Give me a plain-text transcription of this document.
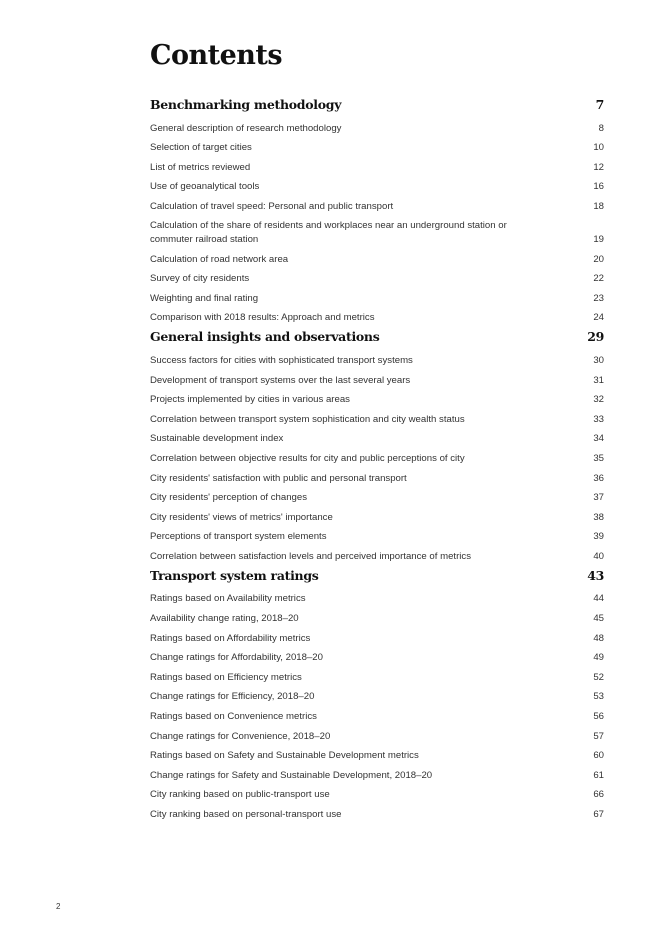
Contents
Benchmarking methodology	7
General description of research methodology	8
Selection of target cities	10
List of metrics reviewed	12
Use of geoanalytical tools	16
Calculation of travel speed: Personal and public transport	18
Calculation of the share of residents and workplaces near an underground station or commuter railroad station	19
Calculation of road network area	20
Survey of city residents	22
Weighting and final rating	23
Comparison with 2018 results: Approach and metrics	24
General insights and observations	29
Success factors for cities with sophisticated transport systems	30
Development of transport systems over the last several years	31
Projects implemented by cities in various areas	32
Correlation between transport system sophistication and city wealth status	33
Sustainable development index	34
Correlation between objective results for city and public perceptions of city	35
City residents' satisfaction with public and personal transport	36
City residents' perception of changes	37
City residents' views of metrics' importance	38
Perceptions of transport system elements	39
Correlation between satisfaction levels and perceived importance of metrics	40
Transport system ratings	43
Ratings based on Availability metrics	44
Availability change rating, 2018–20	45
Ratings based on Affordability metrics	48
Change ratings for Affordability, 2018–20	49
Ratings based on Efficiency metrics	52
Change ratings for Efficiency, 2018–20	53
Ratings based on Convenience metrics	56
Change ratings for Convenience, 2018–20	57
Ratings based on Safety and Sustainable Development metrics	60
Change ratings for Safety and Sustainable Development, 2018–20	61
City ranking based on public-transport use	66
City ranking based on personal-transport use	67
2
